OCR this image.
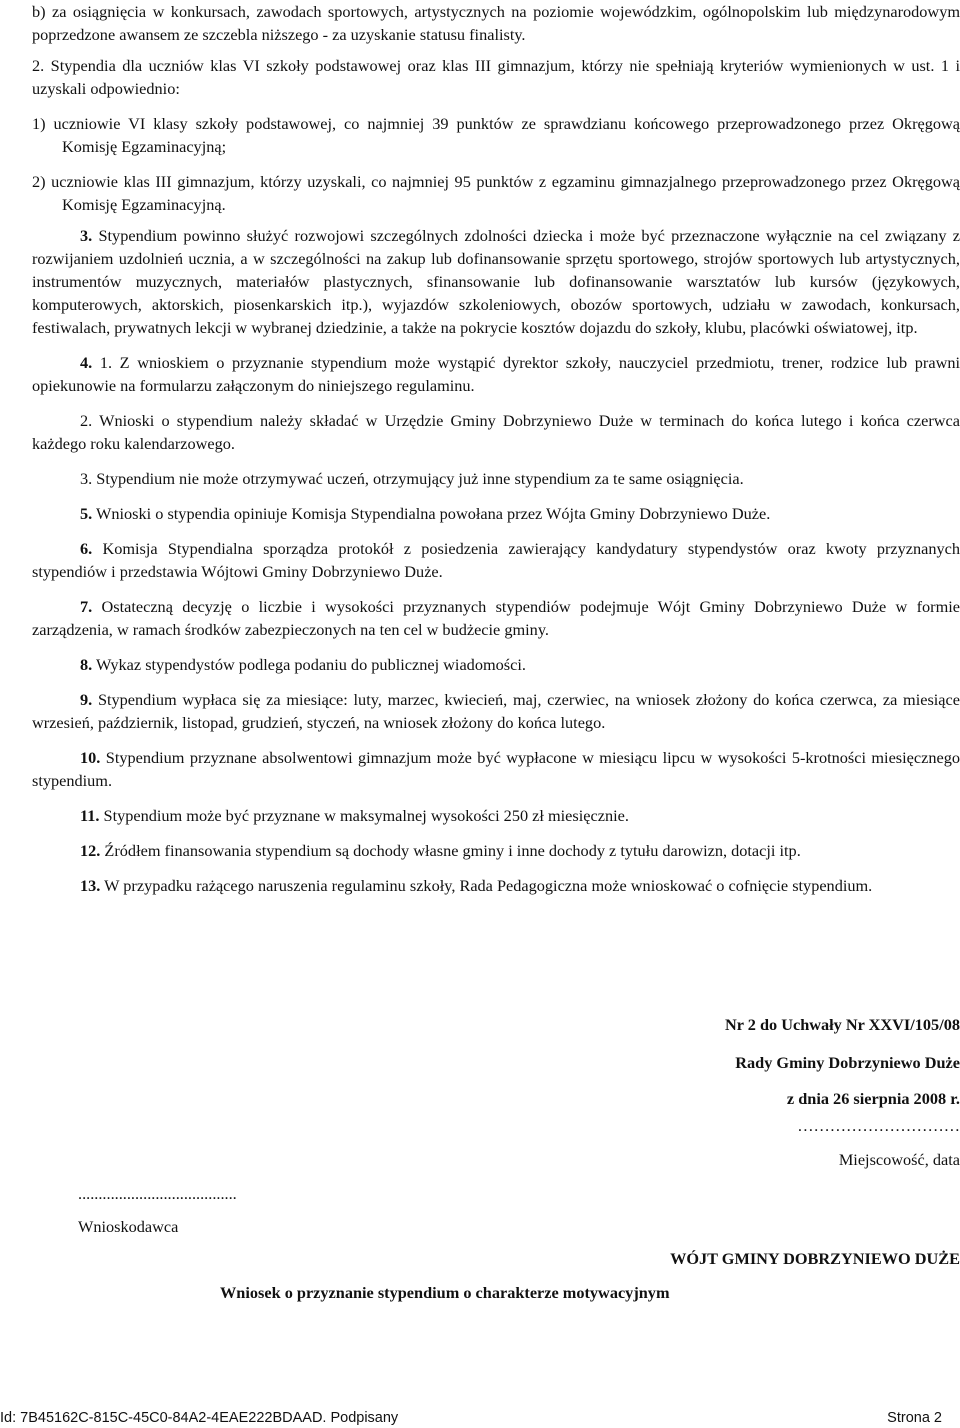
b) za osiągnięcia w konkursach, zawodach sportowych, artystycznych na poziomie wojewódzkim, ogólnopolskim lub międzynarodowym poprzedzone awansem ze szczebla niższego - za uzyskanie statusu finalisty.

2. Stypendia dla uczniów klas VI szkoły podstawowej oraz klas III gimnazjum, którzy nie spełniają kryteriów wymienionych w ust. 1 i uzyskali odpowiednio:

1) uczniowie VI klasy szkoły podstawowej, co najmniej 39 punktów ze sprawdzianu końcowego przeprowadzonego przez Okręgową Komisję Egzaminacyjną;

2) uczniowie klas III gimnazjum, którzy uzyskali, co najmniej 95 punktów z egzaminu gimnazjalnego przeprowadzonego przez Okręgową Komisję Egzaminacyjną.

3. Stypendium powinno służyć rozwojowi szczególnych zdolności dziecka i może być przeznaczone wyłącznie na cel związany z rozwijaniem uzdolnień ucznia, a w szczególności na zakup lub dofinansowanie sprzętu sportowego, strojów sportowych lub artystycznych, instrumentów muzycznych, materiałów plastycznych, sfinansowanie lub dofinansowanie warsztatów lub kursów (językowych, komputerowych, aktorskich, piosenkarskich itp.), wyjazdów szkoleniowych, obozów sportowych, udziału w zawodach, konkursach, festiwalach, prywatnych lekcji w wybranej dziedzinie, a także na pokrycie kosztów dojazdu do szkoły, klubu, placówki oświatowej, itp.

4. 1. Z wnioskiem o przyznanie stypendium może wystąpić dyrektor szkoły, nauczyciel przedmiotu, trener, rodzice lub prawni opiekunowie na formularzu załączonym do niniejszego regulaminu.

2. Wnioski o stypendium należy składać w Urzędzie Gminy Dobrzyniewo Duże w terminach do końca lutego i końca czerwca każdego roku kalendarzowego.

3. Stypendium nie może otrzymywać uczeń, otrzymujący już inne stypendium za te same osiągnięcia.

5. Wnioski o stypendia opiniuje Komisja Stypendialna powołana przez Wójta Gminy Dobrzyniewo Duże.

6. Komisja Stypendialna sporządza protokół z posiedzenia zawierający kandydatury stypendystów oraz kwoty przyznanych stypendiów i przedstawia Wójtowi Gminy Dobrzyniewo Duże.

7. Ostateczną decyzję o liczbie i wysokości przyznanych stypendiów podejmuje Wójt Gminy Dobrzyniewo Duże w formie zarządzenia, w ramach środków zabezpieczonych na ten cel w budżecie gminy.

8. Wykaz stypendystów podlega podaniu do publicznej wiadomości.

9. Stypendium wypłaca się za miesiące: luty, marzec, kwiecień, maj, czerwiec, na wniosek złożony do końca czerwca, za miesiące wrzesień, październik, listopad, grudzień, styczeń, na wniosek złożony do końca lutego.

10. Stypendium przyznane absolwentowi gimnazjum może być wypłacone w miesiącu lipcu w wysokości 5-krotności miesięcznego stypendium.

11. Stypendium może być przyznane w maksymalnej wysokości 250 zł miesięcznie.

12. Źródłem finansowania stypendium są dochody własne gminy i inne dochody z tytułu darowizn, dotacji itp.

13. W przypadku rażącego naruszenia regulaminu szkoły, Rada Pedagogiczna może wnioskować o cofnięcie stypendium.

Nr 2 do Uchwały Nr XXVI/105/08
Rady Gminy Dobrzyniewo Duże
z dnia 26 sierpnia 2008 r.
…………………………
Miejscowość, data
.......................................
Wnioskodawca
WÓJT GMINY DOBRZYNIEWO DUŻE
Wniosek o przyznanie stypendium o charakterze motywacyjnym
Id: 7B45162C-815C-45C0-84A2-4EAE222BDAAD. Podpisany	Strona 2
